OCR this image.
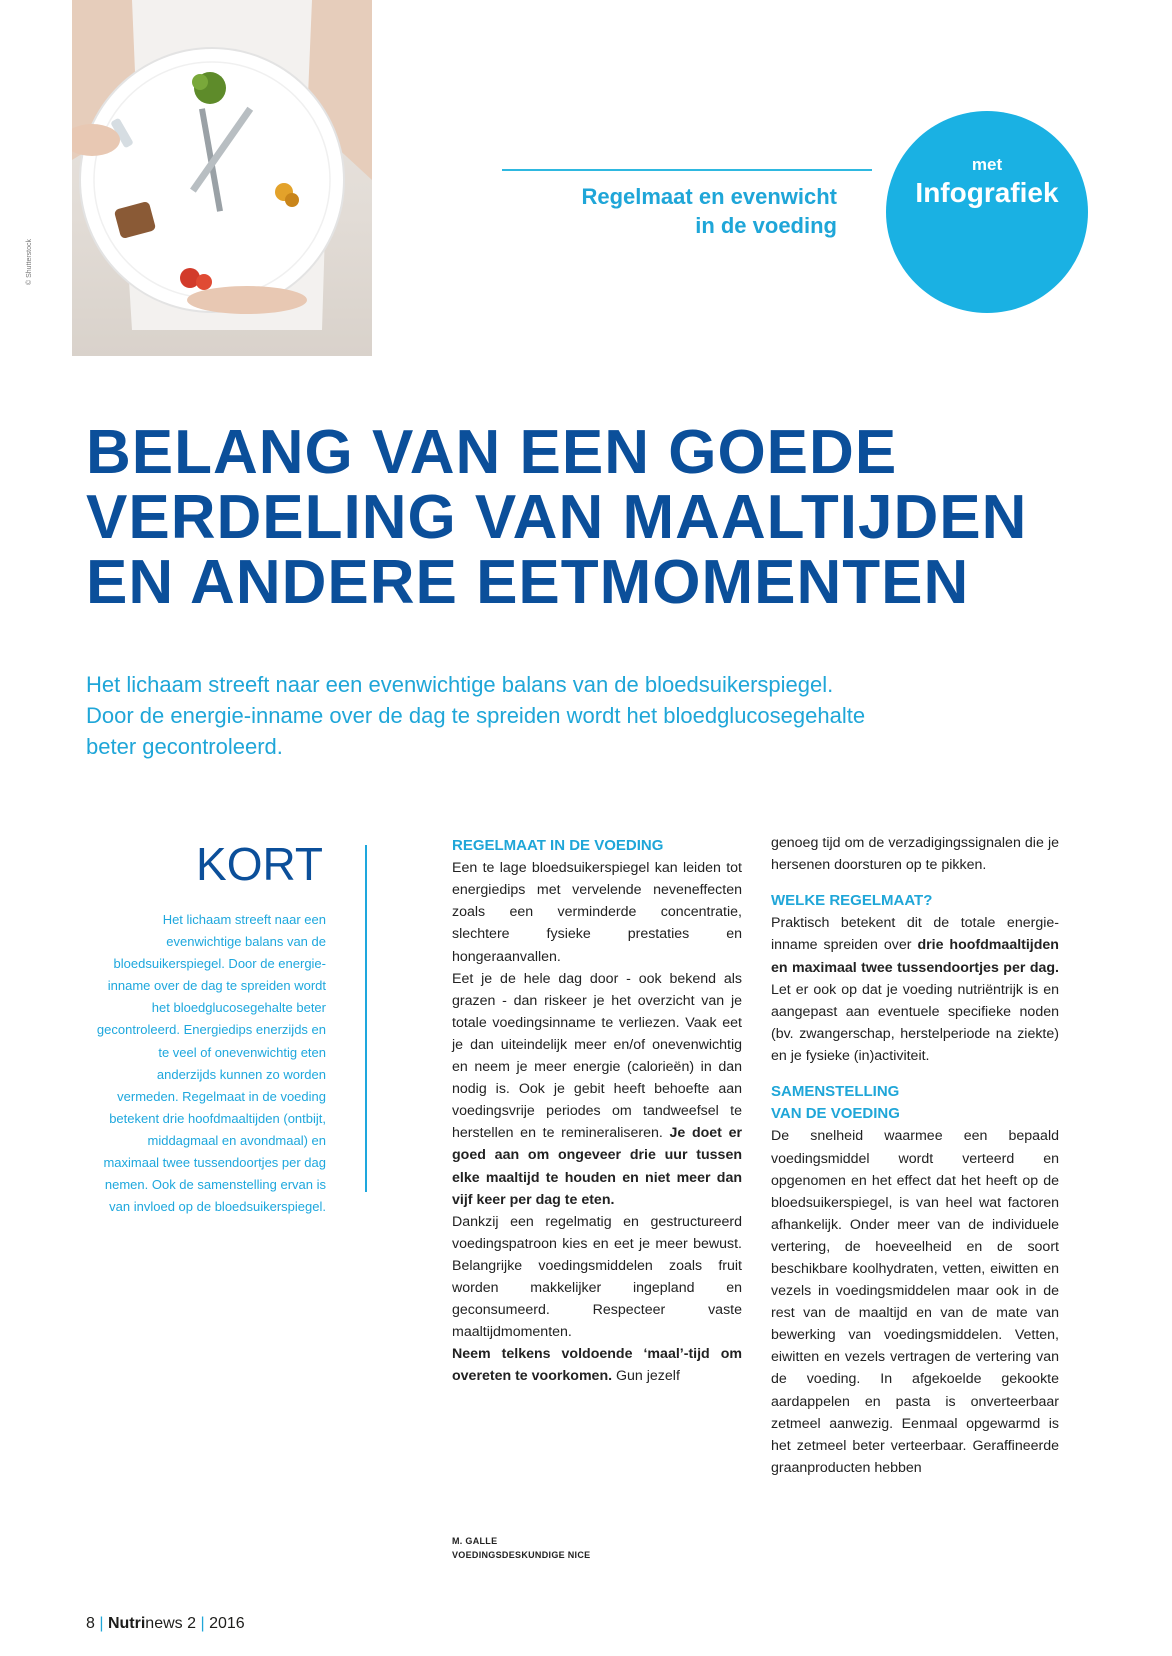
© Shutterstock
Regelmaat en evenwicht
in de voeding
met
Infografiek
BELANG VAN EEN GOEDE
VERDELING VAN MAALTIJDEN
EN ANDERE EETMOMENTEN
Het lichaam streeft naar een evenwichtige balans van de bloedsuikerspiegel.
Door de energie-inname over de dag te spreiden wordt het bloedglucosegehalte
beter gecontroleerd.
KORT
Het lichaam streeft naar een evenwichtige balans van de bloedsuikerspiegel. Door de energie-inname over de dag te spreiden wordt het bloedglucosegehalte beter gecontroleerd. Energiedips enerzijds en te veel of onevenwichtig eten anderzijds kunnen zo worden vermeden. Regelmaat in de voeding betekent drie hoofdmaaltijden (ontbijt, middagmaal en avondmaal) en maximaal twee tussendoortjes per dag nemen. Ook de samenstelling ervan is van invloed op de bloedsuikerspiegel.
REGELMAAT IN DE VOEDING

Een te lage bloedsuikerspiegel kan leiden tot energiedips met vervelende neveneffecten zoals een verminderde concentratie, slechtere fysieke prestaties en hongeraanvallen.

Eet je de hele dag door - ook bekend als grazen - dan riskeer je het overzicht van je totale voedingsinname te verliezen. Vaak eet je dan uiteindelijk meer en/of onevenwichtig en neem je meer energie (calorieën) in dan nodig is. Ook je gebit heeft behoefte aan voedingsvrije periodes om tandweefsel te herstellen en te remineraliseren. Je doet er goed aan om ongeveer drie uur tussen elke maaltijd te houden en niet meer dan vijf keer per dag te eten.

Dankzij een regelmatig en gestructureerd voedingspatroon kies en eet je meer bewust. Belangrijke voedingsmiddelen zoals fruit worden makkelijker ingepland en geconsumeerd. Respecteer vaste maaltijdmomenten.

Neem telkens voldoende ‘maal’-tijd om overeten te voorkomen. Gun jezelf

M. GALLE
VOEDINGSDESKUNDIGE NICE

genoeg tijd om de verzadigingssignalen die je hersenen doorsturen op te pikken.

WELKE REGELMAAT?

Praktisch betekent dit de totale energie-inname spreiden over drie hoofdmaaltijden en maximaal twee tussendoortjes per dag. Let er ook op dat je voeding nutriëntrijk is en aangepast aan eventuele specifieke noden (bv. zwangerschap, herstelperiode na ziekte) en je fysieke (in)activiteit.

SAMENSTELLING
VAN DE VOEDING

De snelheid waarmee een bepaald voedingsmiddel wordt verteerd en opgenomen en het effect dat het heeft op de bloedsuikerspiegel, is van heel wat factoren afhankelijk. Onder meer van de individuele vertering, de hoeveelheid en de soort beschikbare koolhydraten, vetten, eiwitten en vezels in voedingsmiddelen maar ook in de rest van de maaltijd en van de mate van bewerking van voedingsmiddelen. Vetten, eiwitten en vezels vertragen de vertering van de voeding. In afgekoelde gekookte aardappelen en pasta is onverteerbaar zetmeel aanwezig. Eenmaal opgewarmd is het zetmeel beter verteerbaar. Geraffineerde graanproducten hebben

8 | Nutrinews 2 | 2016
